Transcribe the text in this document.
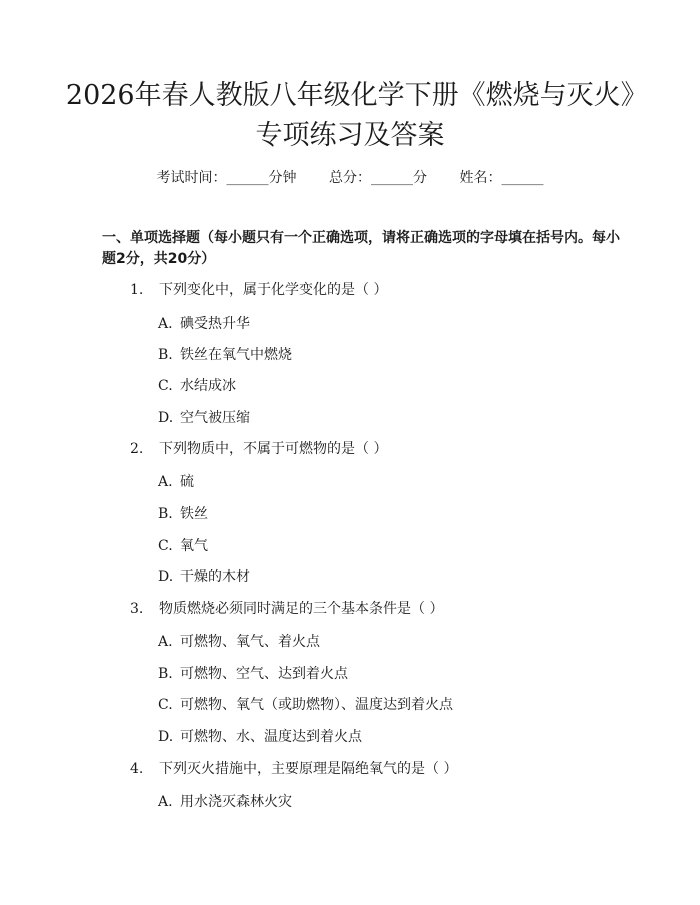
2026年春人教版八年级化学下册《燃烧与灭火》专项练习及答案
考试时间：______分钟 总分：______分 姓名：______
一、单项选择题（每小题只有一个正确选项，请将正确选项的字母填在括号内。每小题2分，共20分）
1. 下列变化中，属于化学变化的是（ ）
A. 碘受热升华
B. 铁丝在氧气中燃烧
C. 水结成冰
D. 空气被压缩
2. 下列物质中，不属于可燃物的是（ ）
A. 硫
B. 铁丝
C. 氧气
D. 干燥的木材
3. 物质燃烧必须同时满足的三个基本条件是（ ）
A. 可燃物、氧气、着火点
B. 可燃物、空气、达到着火点
C. 可燃物、氧气（或助燃物）、温度达到着火点
D. 可燃物、水、温度达到着火点
4. 下列灭火措施中，主要原理是隔绝氧气的是（ ）
A. 用水浇灭森林火灾
